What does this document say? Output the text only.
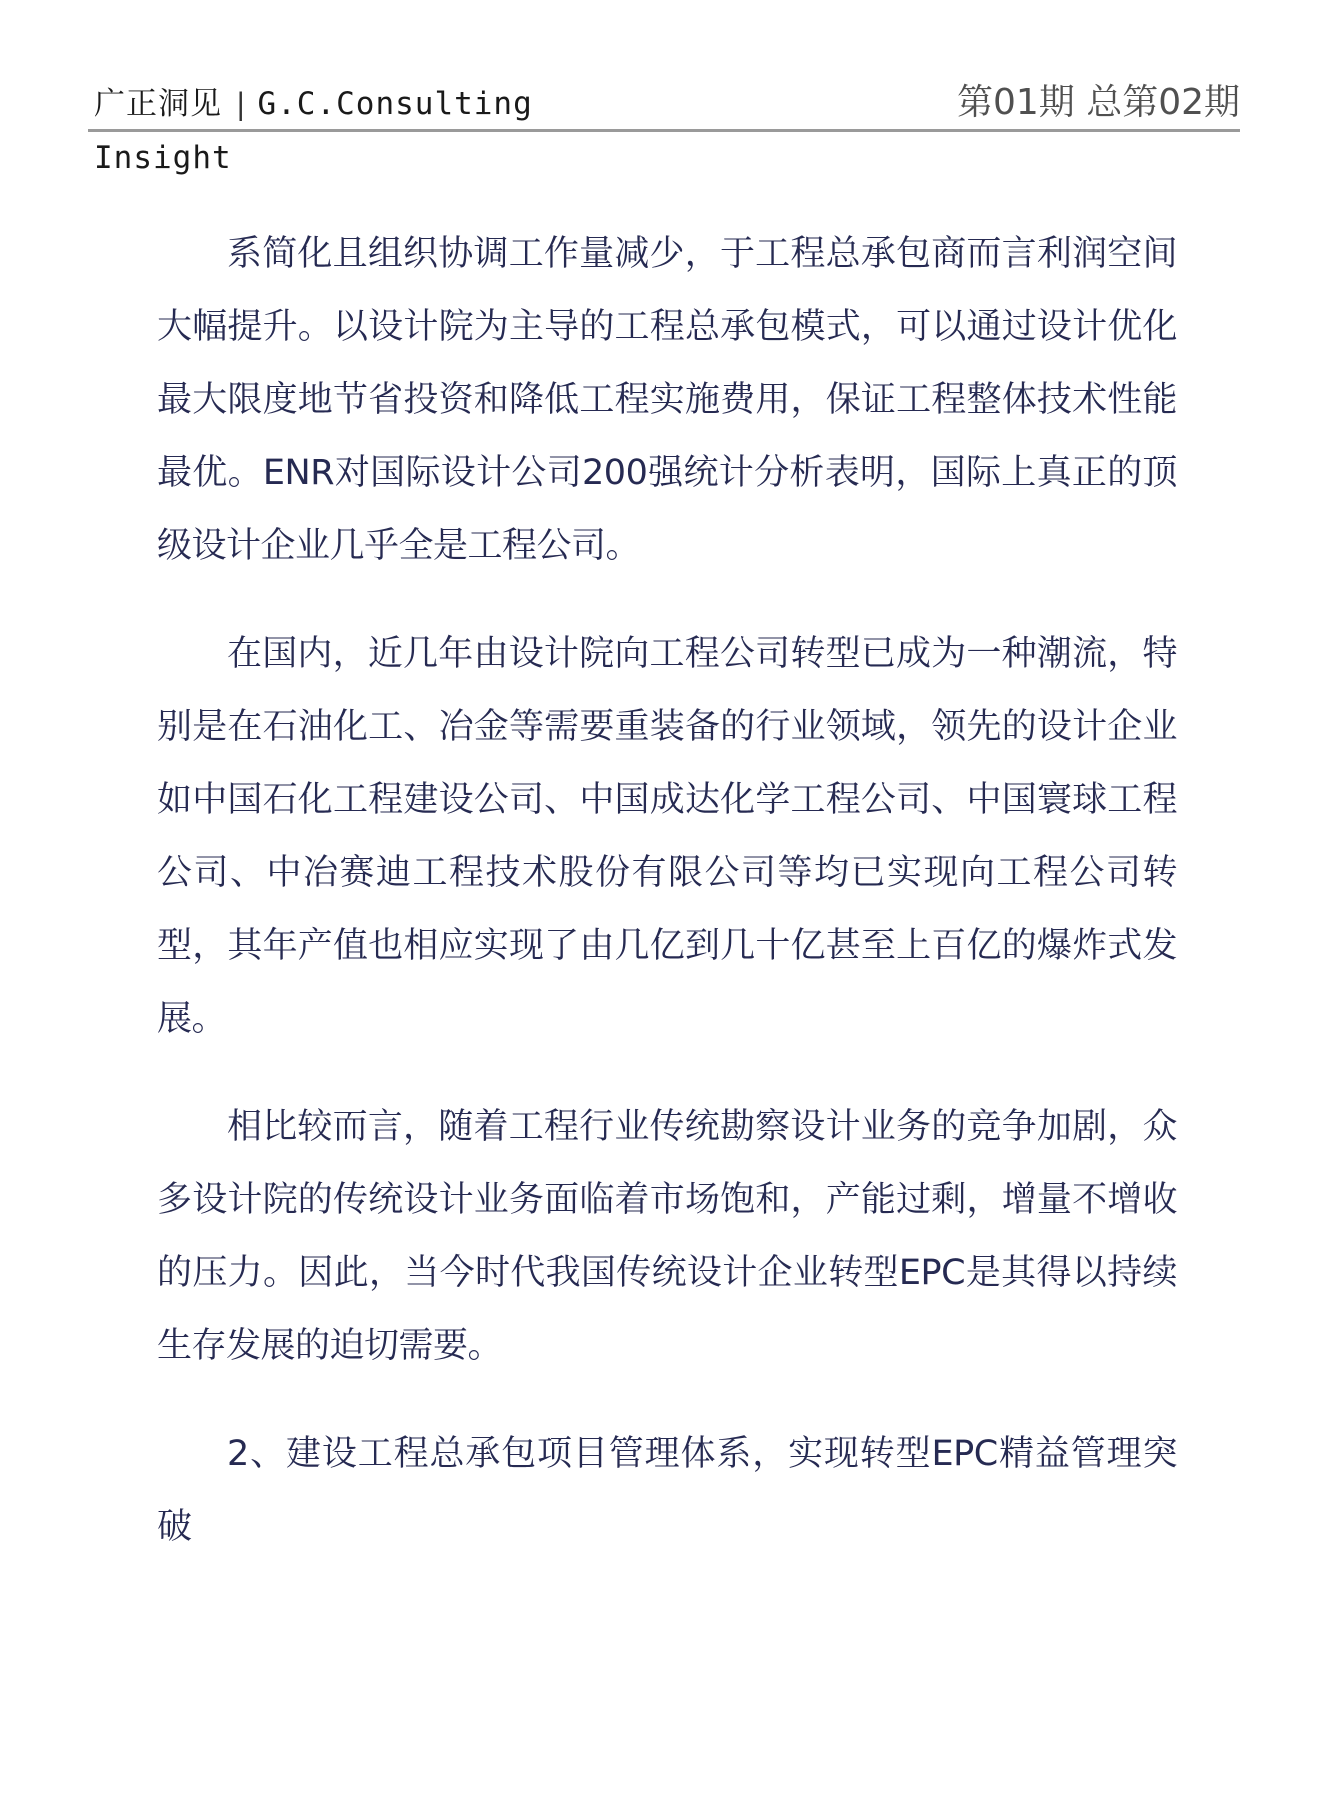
广正洞见 | G.C.Consulting	第01期 总第02期
Insight

系简化且组织协调工作量减少，于工程总承包商而言利润空间大幅提升。以设计院为主导的工程总承包模式，可以通过设计优化最大限度地节省投资和降低工程实施费用，保证工程整体技术性能最优。ENR对国际设计公司200强统计分析表明，国际上真正的顶级设计企业几乎全是工程公司。

在国内，近几年由设计院向工程公司转型已成为一种潮流，特别是在石油化工、冶金等需要重装备的行业领域，领先的设计企业如中国石化工程建设公司、中国成达化学工程公司、中国寰球工程公司、中冶赛迪工程技术股份有限公司等均已实现向工程公司转型，其年产值也相应实现了由几亿到几十亿甚至上百亿的爆炸式发展。

相比较而言，随着工程行业传统勘察设计业务的竞争加剧，众多设计院的传统设计业务面临着市场饱和，产能过剩，增量不增收的压力。因此，当今时代我国传统设计企业转型EPC是其得以持续生存发展的迫切需要。

2、建设工程总承包项目管理体系，实现转型EPC精益管理突破
